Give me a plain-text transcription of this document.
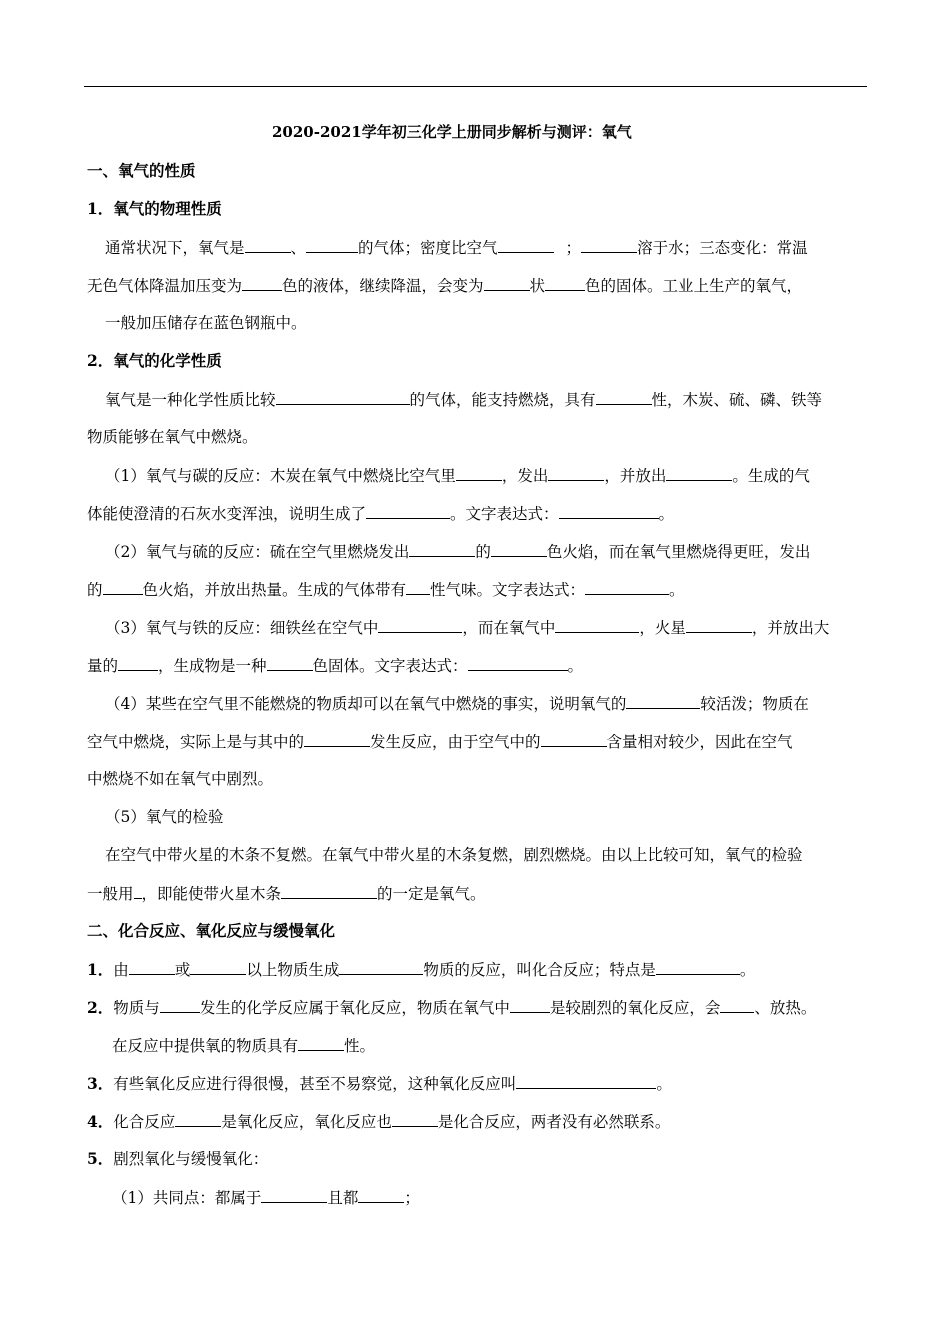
2020-2021学年初三化学上册同步解析与测评：氧气
一、氧气的性质
1．氧气的物理性质
通常状况下，氧气是	、	的气体；密度比空气	；	溶于水；三态变化：常温
无色气体降温加压变为	色的液体，继续降温，会变为	状	色的固体。工业上生产的氧气，
一般加压储存在蓝色钢瓶中。
2．氧气的化学性质
氧气是一种化学性质比较	的气体，能支持燃烧，具有	性，木炭、硫、磷、铁等
物质能够在氧气中燃烧。
（1）氧气与碳的反应：木炭在氧气中燃烧比空气里	，发出	，并放出	。生成的气
体能使澄清的石灰水变浑浊，说明生成了	。文字表达式：	。
（2）氧气与硫的反应：硫在空气里燃烧发出	的	色火焰，而在氧气里燃烧得更旺，发出
的	色火焰，并放出热量。生成的气体带有 性气味。文字表达式：	。
（3）氧气与铁的反应：细铁丝在空气中	，而在氧气中	，火星	，并放出大
量的	，生成物是一种	色固体。文字表达式：	。
（4）某些在空气里不能燃烧的物质却可以在氧气中燃烧的事实，说明氧气的	较活泼；物质在
空气中燃烧，实际上是与其中的	发生反应，由于空气中的	含量相对较少，因此在空气
中燃烧不如在氧气中剧烈。
（5）氧气的检验
在空气中带火星的木条不复燃。在氧气中带火星的木条复燃，剧烈燃烧。由以上比较可知，氧气的检验
一般用 ，即能使带火星木条	的一定是氧气。
二、化合反应、氧化反应与缓慢氧化
1．由	或	以上物质生成	物质的反应，叫化合反应；特点是	。
2．物质与	发生的化学反应属于氧化反应，物质在氧气中	是较剧烈的氧化反应，会 、放热。
在反应中提供氧的物质具有	性。
3．有些氧化反应进行得很慢，甚至不易察觉，这种氧化反应叫	。
4．化合反应	是氧化反应，氧化反应也	是化合反应，两者没有必然联系。
5．剧烈氧化与缓慢氧化：
（1）共同点：都属于	且都	；
